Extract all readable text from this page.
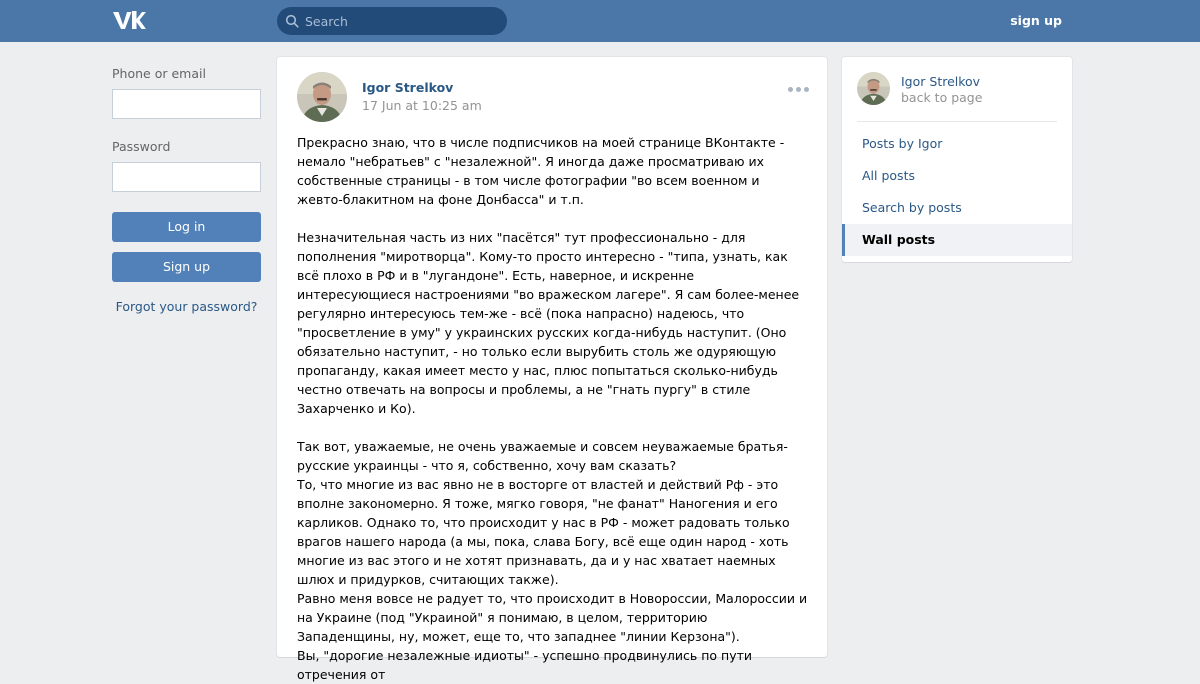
Search
sign up
Phone or email
Password
Log in
Sign up
Forgot your password?
Igor Strelkov
17 Jun at 10:25 am

Прекрасно знаю, что в числе подписчиков на моей странице ВКонтакте - немало "небратьев" с "незалежной". Я иногда даже просматриваю их собственные страницы - в том числе фотографии "во всем военном и жевто-блакитном на фоне Донбасса" и т.п.

Незначительная часть из них "пасётся" тут профессионально - для пополнения "миротворца". Кому-то просто интересно - "типа, узнать, как всё плохо в РФ и в "лугандоне". Есть, наверное, и искренне интересующиеся настроениями "во вражеском лагере". Я сам более-менее регулярно интересуюсь тем-же - всё (пока напрасно) надеюсь, что "просветление в уму" у украинских русских когда-нибудь наступит. (Оно обязательно наступит, - но только если вырубить столь же одуряющую пропаганду, какая имеет место у нас, плюс попытаться сколько-нибудь честно отвечать на вопросы и проблемы, а не "гнать пургу" в стиле Захарченко и Ко).

Так вот, уважаемые, не очень уважаемые и совсем неуважаемые братья-русские украинцы - что я, собственно, хочу вам сказать?

То, что многие из вас явно не в восторге от властей и действий Рф - это вполне закономерно. Я тоже, мягко говоря, "не фанат" Наногения и его карликов. Однако то, что происходит у нас в РФ - может радовать только врагов нашего народа (а мы, пока, слава Богу, всё еще один народ - хоть многие из вас этого и не хотят признавать, да и у нас хватает наемных шлюх и придурков, считающих также).

Равно меня вовсе не радует то, что происходит в Новороссии, Малороссии и на Украине (под "Украиной" я понимаю, в целом, территорию Западенщины, ну, может, еще то, что западнее "линии Керзона").

Вы, "дорогие незалежные идиоты" - успешно продвинулись по пути отречения от

Igor Strelkov
back to page
Posts by Igor
All posts
Search by posts
Wall posts
